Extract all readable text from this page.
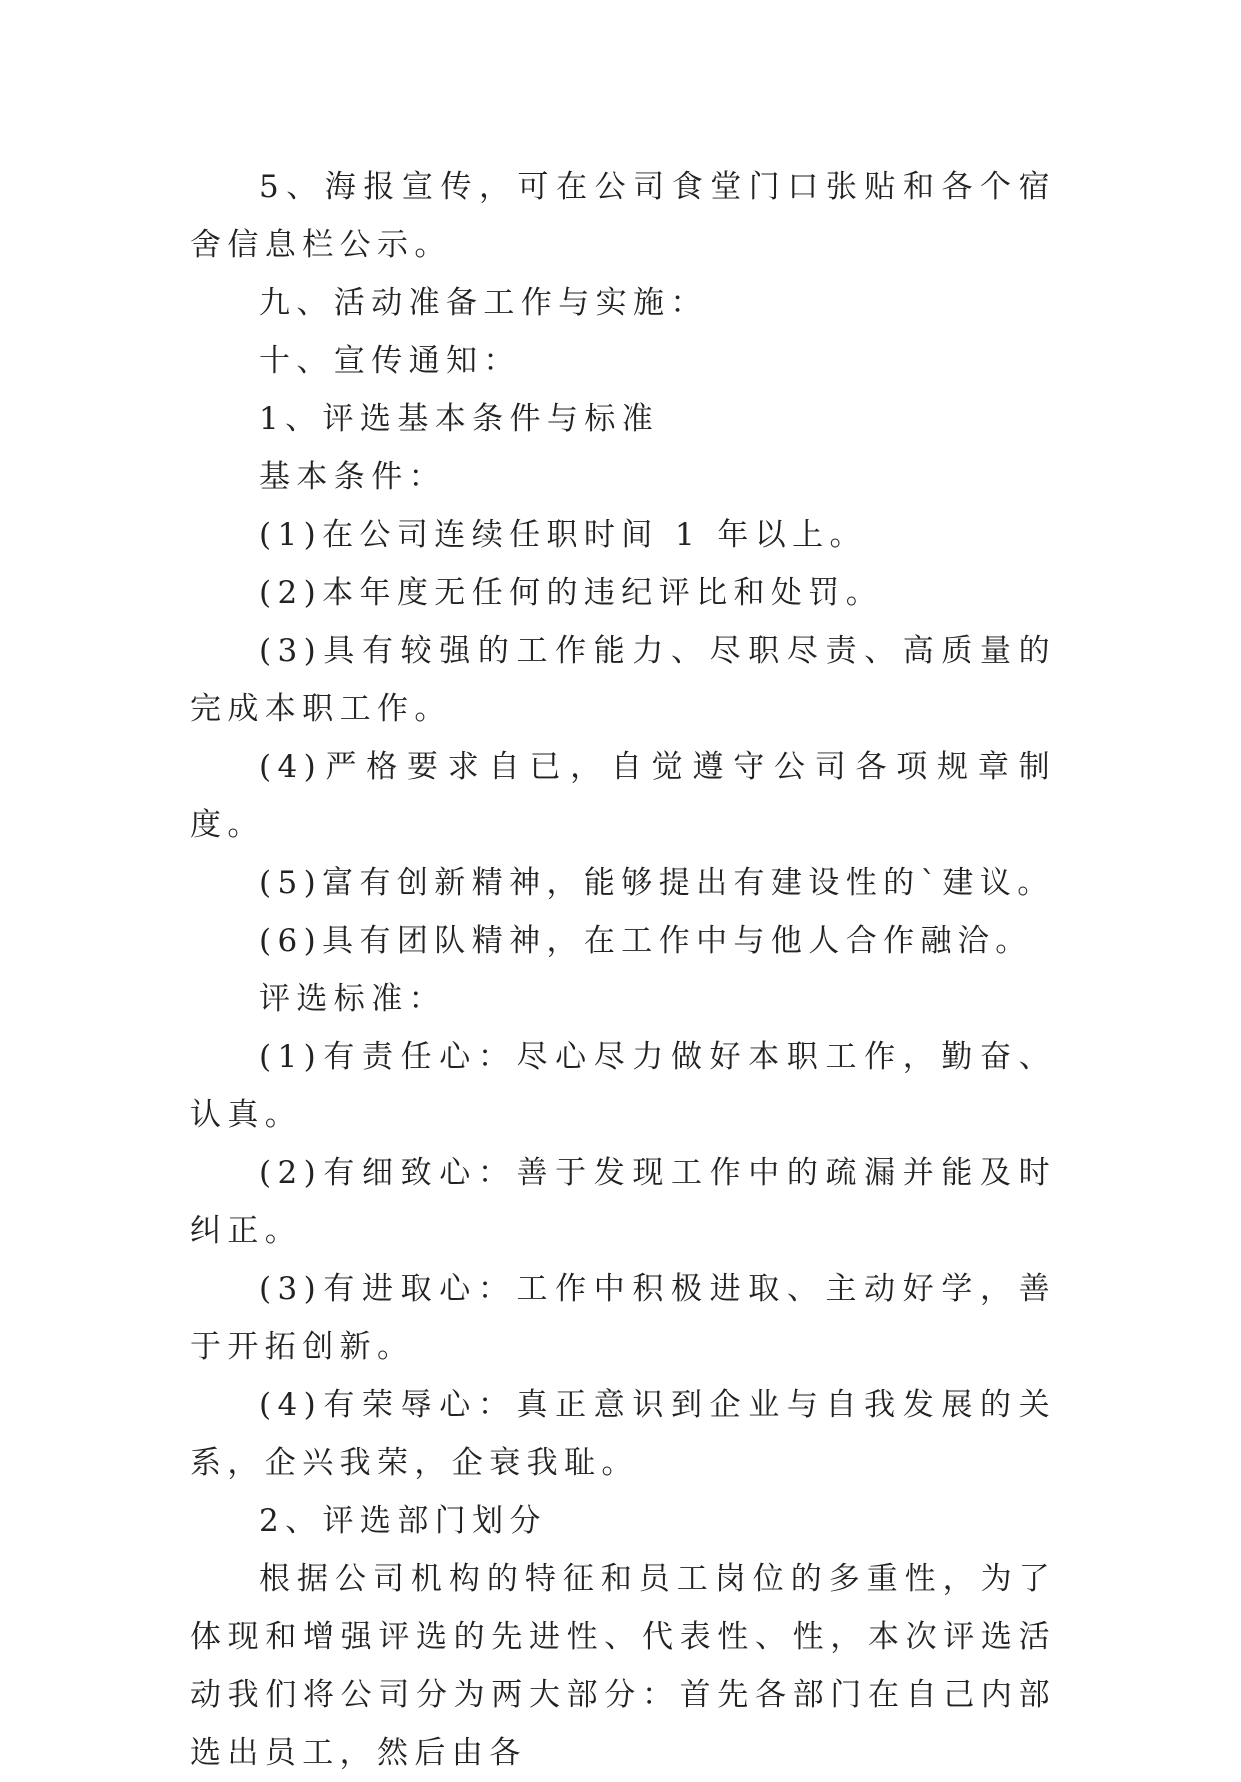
5、海报宣传，可在公司食堂门口张贴和各个宿舍信息栏公示。

九、活动准备工作与实施：

十、宣传通知：

1、评选基本条件与标准

基本条件：

(1)在公司连续任职时间 1 年以上。

(2)本年度无任何的违纪评比和处罚。

(3)具有较强的工作能力、尽职尽责、高质量的完成本职工作。

(4)严格要求自已，自觉遵守公司各项规章制度。

(5)富有创新精神，能够提出有建设性的`建议。

(6)具有团队精神，在工作中与他人合作融洽。

评选标准：

(1)有责任心：尽心尽力做好本职工作，勤奋、认真。

(2)有细致心：善于发现工作中的疏漏并能及时纠正。

(3)有进取心：工作中积极进取、主动好学，善于开拓创新。

(4)有荣辱心：真正意识到企业与自我发展的关系，企兴我荣，企衰我耻。

2、评选部门划分

根据公司机构的特征和员工岗位的多重性，为了体现和增强评选的先进性、代表性、性，本次评选活动我们将公司分为两大部分：首先各部门在自己内部选出员工，然后由各
